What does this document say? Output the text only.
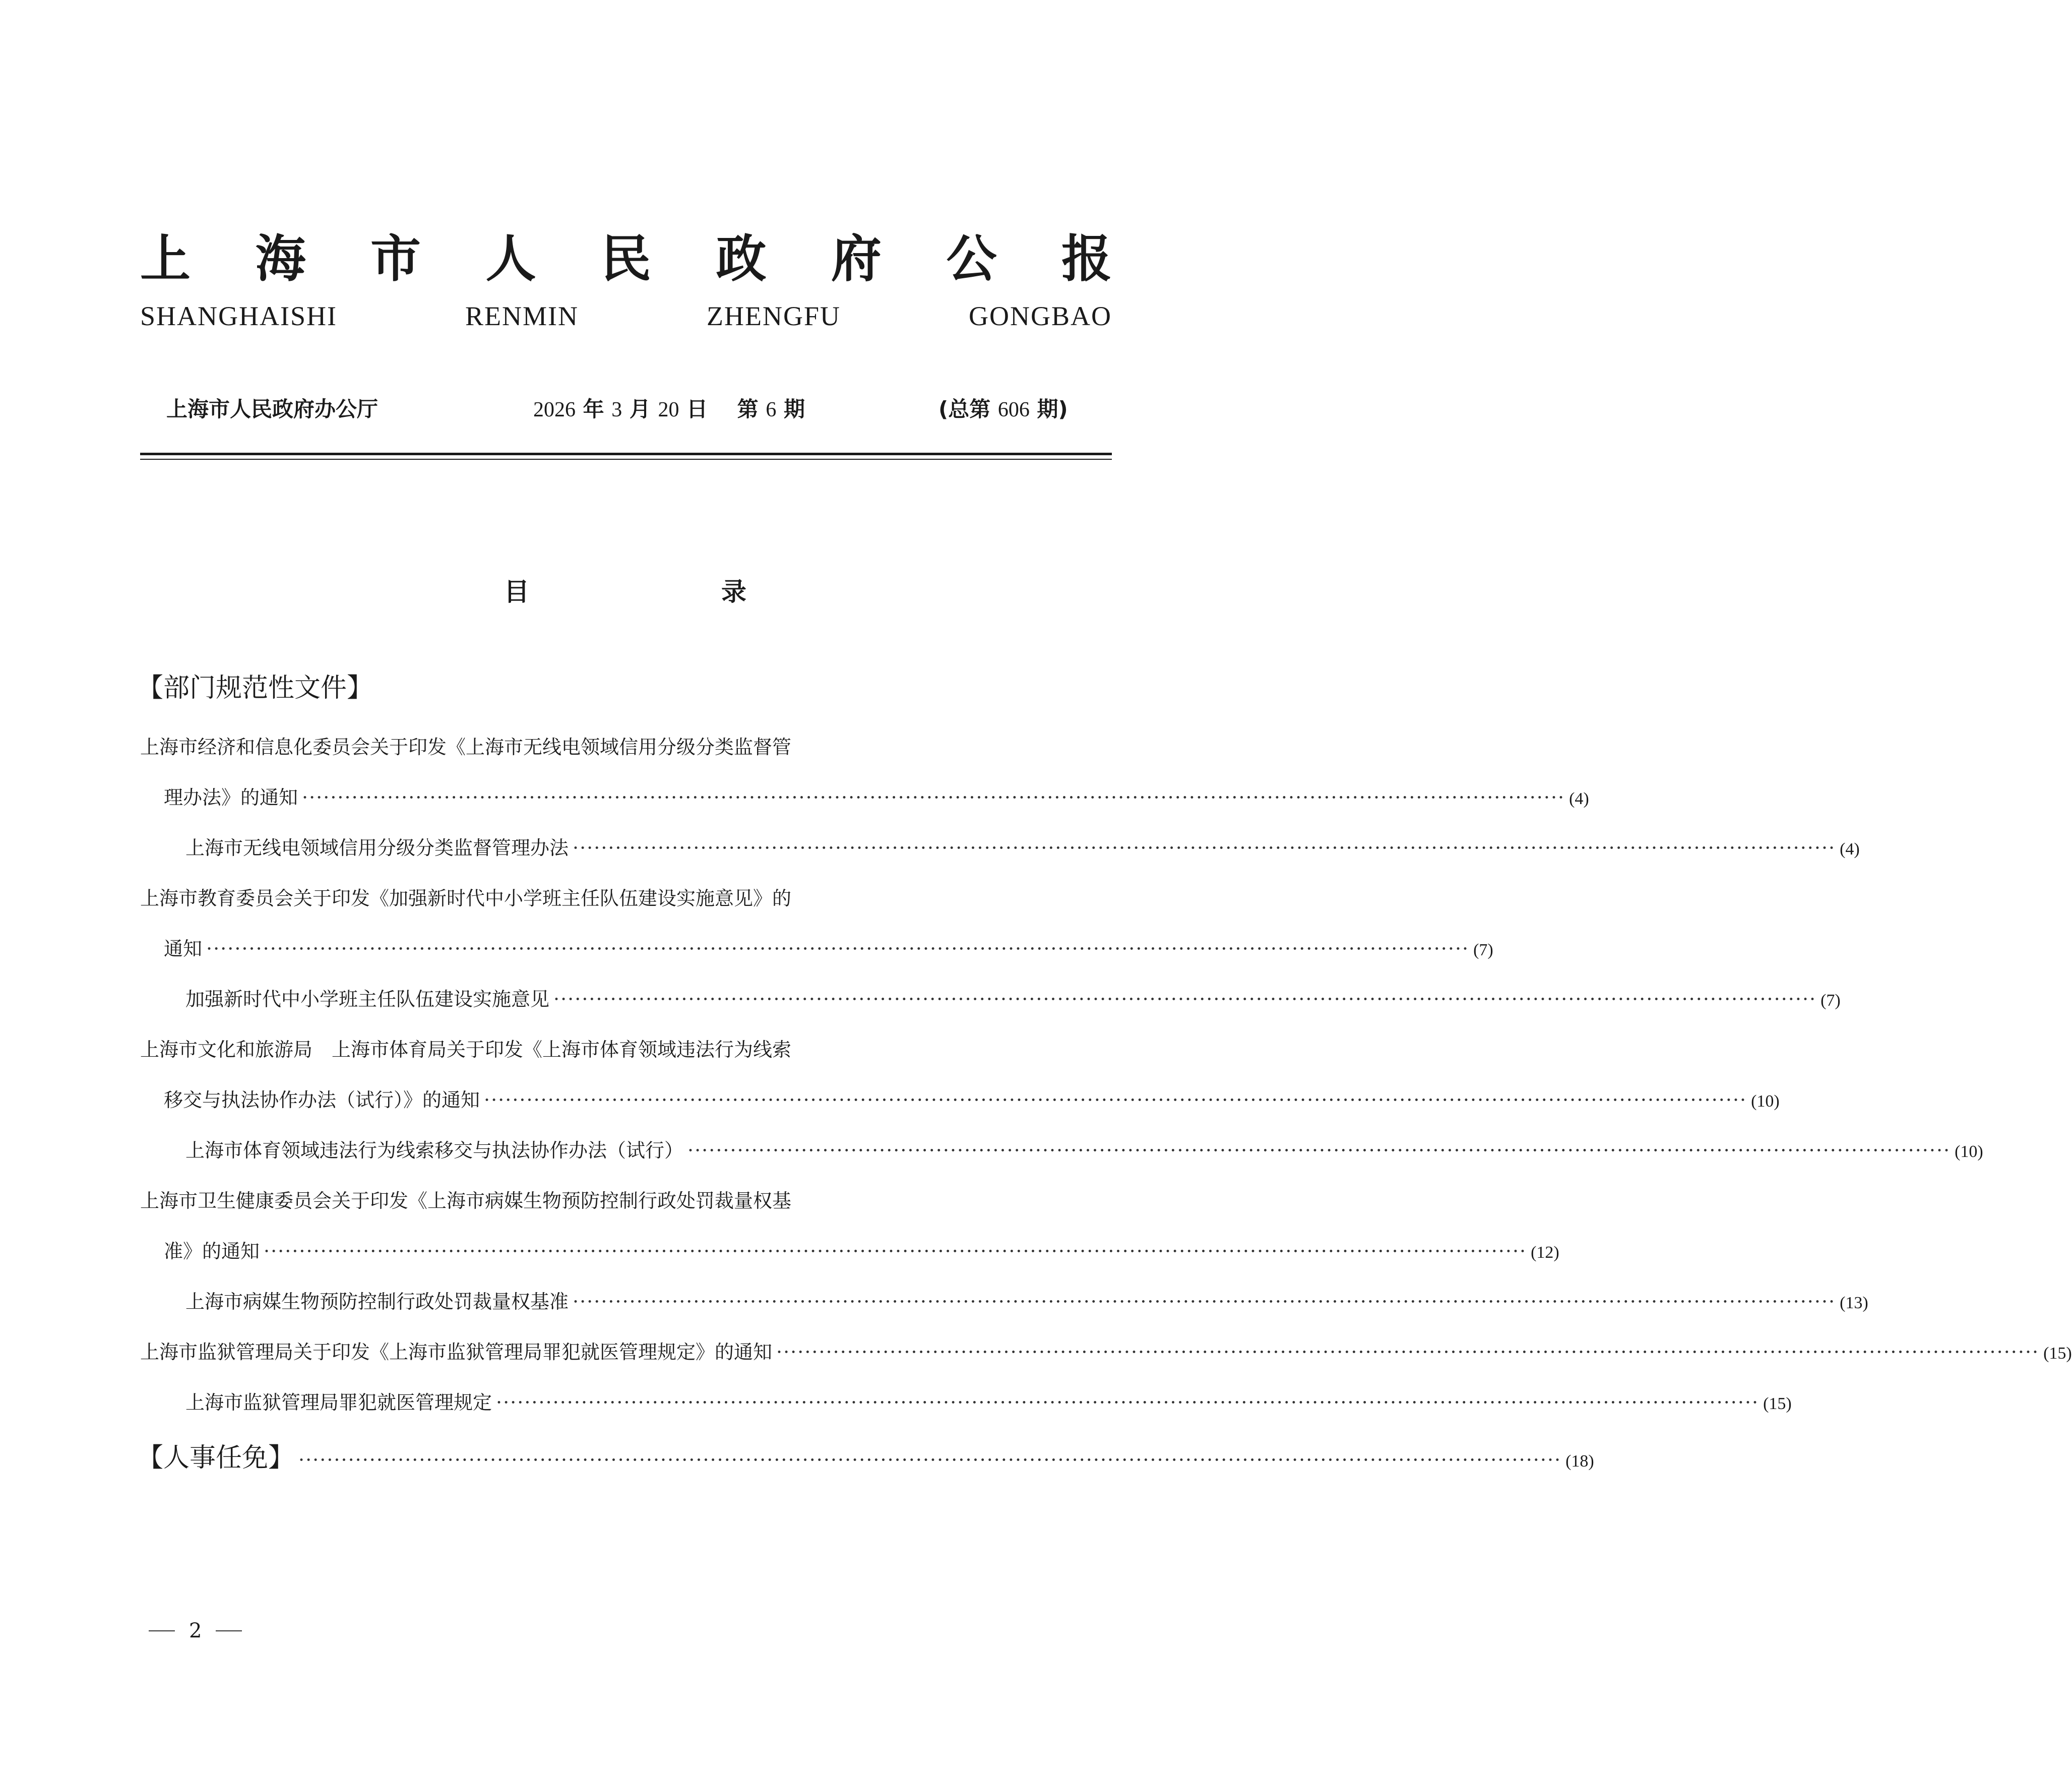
上 海 市 人 民 政 府 公 报
SHANGHAISHI	RENMIN	ZHENGFU	GONGBAO
上海市人民政府办公厅	2026 年 3 月 20 日 第 6 期	(总第 606 期)
目	录
【部门规范性文件】
上海市经济和信息化委员会关于印发《上海市无线电领域信用分级分类监督管
理办法》的通知 ·················································································································································································· (4)
上海市无线电领域信用分级分类监督管理办法 ·················································································································································································· (4)
上海市教育委员会关于印发《加强新时代中小学班主任队伍建设实施意见》的
通知 ·················································································································································································· (7)
加强新时代中小学班主任队伍建设实施意见 ·················································································································································································· (7)
上海市文化和旅游局　上海市体育局关于印发《上海市体育领域违法行为线索
移交与执法协作办法（试行）》的通知 ·················································································································································································· (10)
上海市体育领域违法行为线索移交与执法协作办法（试行） ·················································································································································································· (10)
上海市卫生健康委员会关于印发《上海市病媒生物预防控制行政处罚裁量权基
准》的通知 ·················································································································································································· (12)
上海市病媒生物预防控制行政处罚裁量权基准 ·················································································································································································· (13)
上海市监狱管理局关于印发《上海市监狱管理局罪犯就医管理规定》的通知 ·················································································································································································· (15)
上海市监狱管理局罪犯就医管理规定 ·················································································································································································· (15)
【人事任免】 ·················································································································································································· (18)
2
